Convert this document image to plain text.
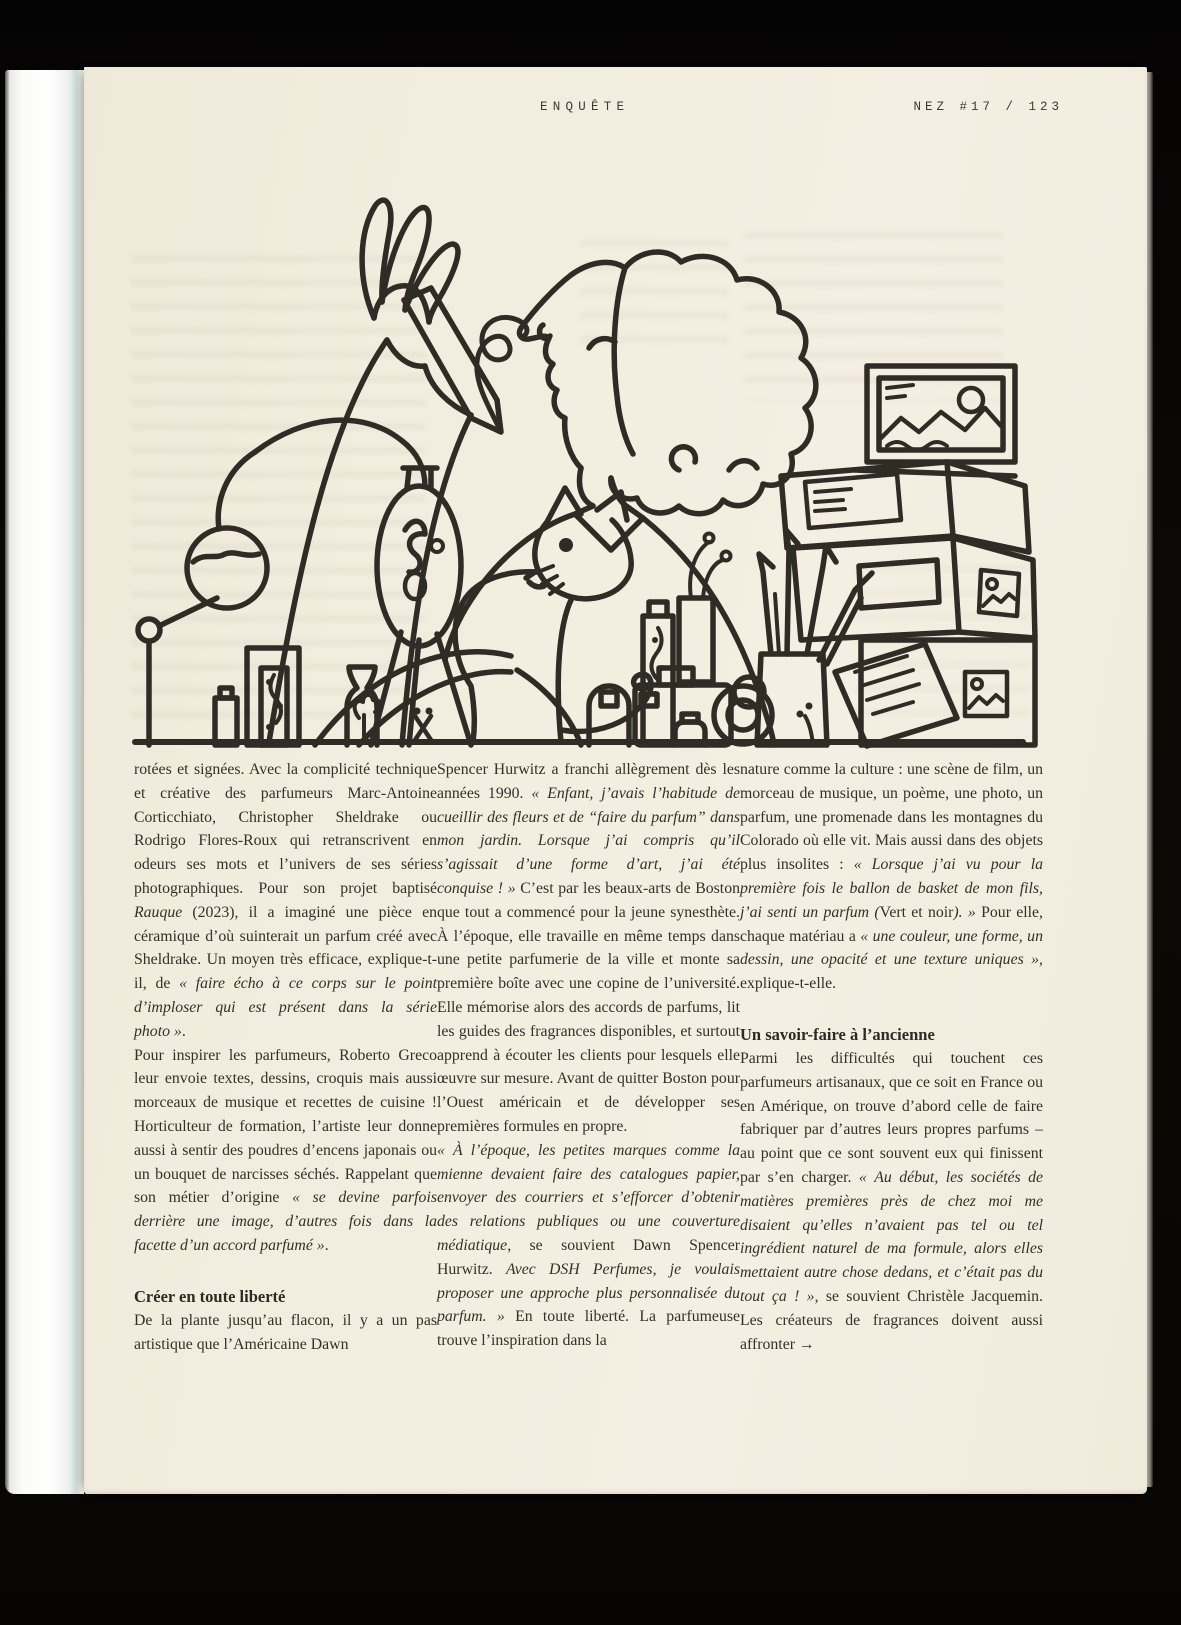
ENQUÊTE	NEZ #17 / 123

rotées et signées. Avec la complicité technique et créative des parfumeurs Marc-Antoine Corticchiato, Christopher Sheldrake ou Rodrigo Flores-Roux qui retranscrivent en odeurs ses mots et l’univers de ses séries photographiques. Pour son projet baptisé Rauque (2023), il a imaginé une pièce en céramique d’où suinterait un parfum créé avec Sheldrake. Un moyen très efficace, explique-t-il, de « faire écho à ce corps sur le point d’imploser qui est présent dans la série photo ».

Pour inspirer les parfumeurs, Roberto Greco leur envoie textes, dessins, croquis mais aussi morceaux de musique et recettes de cuisine ! Horticulteur de formation, l’artiste leur donne aussi à sentir des poudres d’encens japonais ou un bouquet de narcisses séchés. Rappelant que son métier d’origine « se devine parfois derrière une image, d’autres fois dans la facette d’un accord parfumé ».

Créer en toute liberté

De la plante jusqu’au flacon, il y a un pas artistique que l’Américaine Dawn

Spencer Hurwitz a franchi allègrement dès les années 1990. « Enfant, j’avais l’habitude de cueillir des fleurs et de “faire du parfum” dans mon jardin. Lorsque j’ai compris qu’il s’agissait d’une forme d’art, j’ai été conquise ! » C’est par les beaux-arts de Boston que tout a commencé pour la jeune synesthète. À l’époque, elle travaille en même temps dans une petite parfumerie de la ville et monte sa première boîte avec une copine de l’université. Elle mémorise alors des accords de parfums, lit les guides des fragrances disponibles, et surtout apprend à écouter les clients pour lesquels elle œuvre sur mesure. Avant de quitter Boston pour l’Ouest américain et de développer ses premières formules en propre.

« À l’époque, les petites marques comme la mienne devaient faire des catalogues papier, envoyer des courriers et s’efforcer d’obtenir des relations publiques ou une couverture médiatique, se souvient Dawn Spencer Hurwitz. Avec DSH Perfumes, je voulais proposer une approche plus personnalisée du parfum. » En toute liberté. La parfumeuse trouve l’inspiration dans la

nature comme la culture : une scène de film, un morceau de musique, un poème, une photo, un parfum, une promenade dans les montagnes du Colorado où elle vit. Mais aussi dans des objets plus insolites : « Lorsque j’ai vu pour la première fois le ballon de basket de mon fils, j’ai senti un parfum (Vert et noir). » Pour elle, chaque matériau a « une couleur, une forme, un dessin, une opacité et une texture uniques », explique-t-elle.

Un savoir-faire à l’ancienne

Parmi les difficultés qui touchent ces parfumeurs artisanaux, que ce soit en France ou en Amérique, on trouve d’abord celle de faire fabriquer par d’autres leurs propres parfums – au point que ce sont souvent eux qui finissent par s’en charger. « Au début, les sociétés de matières premières près de chez moi me disaient qu’elles n’avaient pas tel ou tel ingrédient naturel de ma formule, alors elles mettaient autre chose dedans, et c’était pas du tout ça ! », se souvient Christèle Jacquemin. Les créateurs de fragrances doivent aussi affronter →
